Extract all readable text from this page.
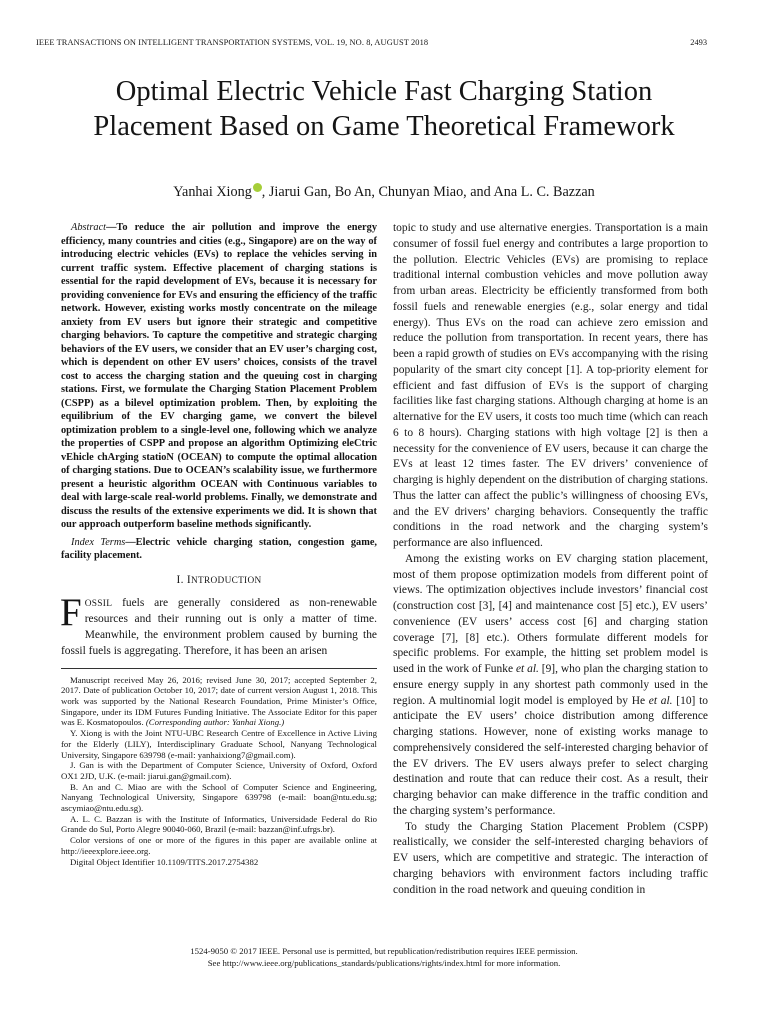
IEEE TRANSACTIONS ON INTELLIGENT TRANSPORTATION SYSTEMS, VOL. 19, NO. 8, AUGUST 2018	2493
Optimal Electric Vehicle Fast Charging Station Placement Based on Game Theoretical Framework
Yanhai Xiong , Jiarui Gan, Bo An, Chunyan Miao, and Ana L. C. Bazzan

Abstract—To reduce the air pollution and improve the energy efficiency, many countries and cities (e.g., Singapore) are on the way of introducing electric vehicles (EVs) to replace the vehicles serving in current traffic system. Effective placement of charging stations is essential for the rapid development of EVs, because it is necessary for providing convenience for EVs and ensuring the efficiency of the traffic network. However, existing works mostly concentrate on the mileage anxiety from EV users but ignore their strategic and competitive charging behaviors. To capture the competitive and strategic charging behaviors of the EV users, we consider that an EV user’s charging cost, which is dependent on other EV users’ choices, consists of the travel cost to access the charging station and the queuing cost in charging stations. First, we formulate the Charging Station Placement Problem (CSPP) as a bilevel optimization problem. Then, by exploiting the equilibrium of the EV charging game, we convert the bilevel optimization problem to a single-level one, following which we analyze the properties of CSPP and propose an algorithm Optimizing eleCtric vEhicle chArging statioN (OCEAN) to compute the optimal allocation of charging stations. Due to OCEAN’s scalability issue, we furthermore present a heuristic algorithm OCEAN with Continuous variables to deal with large-scale real-world problems. Finally, we demonstrate and discuss the results of the extensive experiments we did. It is shown that our approach outperform baseline methods significantly.

Index Terms—Electric vehicle charging station, congestion game, facility placement.

I. INTRODUCTION

FOSSIL fuels are generally considered as non-renewable resources and their running out is only a matter of time. Meanwhile, the environment problem caused by burning the fossil fuels is aggregating. Therefore, it has been an arisen

Manuscript received May 26, 2016; revised June 30, 2017; accepted September 2, 2017. Date of publication October 10, 2017; date of current version August 1, 2018. This work was supported by the National Research Foundation, Prime Minister’s Office, Singapore, under its IDM Futures Funding Initiative. The Associate Editor for this paper was E. Kosmatopoulos. (Corresponding author: Yanhai Xiong.)

Y. Xiong is with the Joint NTU-UBC Research Centre of Excellence in Active Living for the Elderly (LILY), Interdisciplinary Graduate School, Nanyang Technological University, Singapore 639798 (e-mail: yanhaixiong7@gmail.com).

J. Gan is with the Department of Computer Science, University of Oxford, Oxford OX1 2JD, U.K. (e-mail: jiarui.gan@gmail.com).

B. An and C. Miao are with the School of Computer Science and Engineering, Nanyang Technological University, Singapore 639798 (e-mail: boan@ntu.edu.sg; ascymiao@ntu.edu.sg).

A. L. C. Bazzan is with the Institute of Informatics, Universidade Federal do Rio Grande do Sul, Porto Alegre 90040-060, Brazil (e-mail: bazzan@inf.ufrgs.br).

Color versions of one or more of the figures in this paper are available online at http://ieeexplore.ieee.org.

Digital Object Identifier 10.1109/TITS.2017.2754382

topic to study and use alternative energies. Transportation is a main consumer of fossil fuel energy and contributes a large proportion to the pollution. Electric Vehicles (EVs) are promising to replace traditional internal combustion vehicles and move pollution away from urban areas. Electricity be efficiently transformed from both fossil fuels and renewable energies (e.g., solar energy and tidal energy). Thus EVs on the road can achieve zero emission and reduce the pollution from transportation. In recent years, there has been a rapid growth of studies on EVs accompanying with the rising popularity of the smart city concept [1]. A top-priority element for efficient and fast diffusion of EVs is the support of charging facilities like fast charging stations. Although charging at home is an alternative for the EV users, it costs too much time (which can reach 6 to 8 hours). Charging stations with high voltage [2] is then a necessity for the convenience of EV users, because it can charge the EVs at least 12 times faster. The EV drivers’ convenience of charging is highly dependent on the distribution of charging stations. Thus the latter can affect the public’s willingness of choosing EVs, and the EV drivers’ charging behaviors. Consequently the traffic conditions in the road network and the charging system’s performance are also influenced.

Among the existing works on EV charging station placement, most of them propose optimization models from different point of views. The optimization objectives include investors’ financial cost (construction cost [3], [4] and maintenance cost [5] etc.), EV users’ convenience (EV users’ access cost [6] and charging station coverage [7], [8] etc.). Others formulate different models for specific problems. For example, the hitting set problem model is used in the work of Funke et al. [9], who plan the charging station to ensure energy supply in any shortest path commonly used in the region. A multinomial logit model is employed by He et al. [10] to anticipate the EV users’ choice distribution among difference charging stations. However, none of existing works manage to comprehensively considered the self-interested charging behavior of the EV drivers. The EV users always prefer to select charging destination and route that can reduce their cost. As a result, their charging behavior can make difference in the traffic condition and the charging system’s performance.

To study the Charging Station Placement Problem (CSPP) realistically, we consider the self-interested charging behaviors of EV users, which are competitive and strategic. The interaction of charging behaviors with environment factors including traffic condition in the road network and queuing condition in

1524-9050 © 2017 IEEE. Personal use is permitted, but republication/redistribution requires IEEE permission.
See http://www.ieee.org/publications_standards/publications/rights/index.html for more information.
